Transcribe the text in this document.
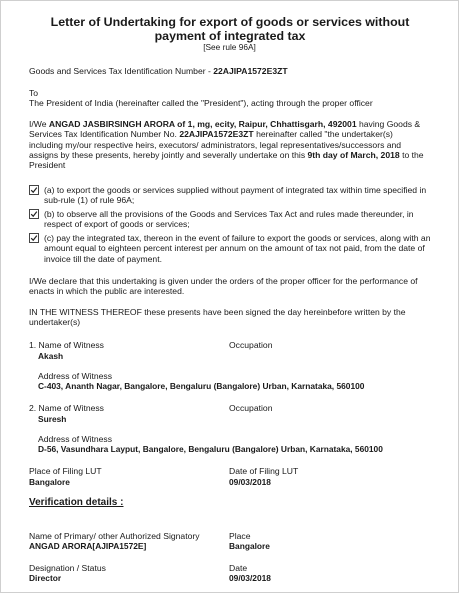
Letter of Undertaking for export of goods or services without payment of integrated tax
[See rule 96A]
Goods and Services Tax Identification Number - 22AJIPA1572E3ZT
To
The President of India (hereinafter called the "President"), acting through the proper officer
I/We ANGAD JASBIRSINGH ARORA of 1, mg, ecity, Raipur, Chhattisgarh, 492001 having Goods & Services Tax Identification Number No. 22AJIPA1572E3ZT hereinafter called "the undertaker(s) including my/our respective heirs, executors/ administrators, legal representatives/successors and assigns by these presents, hereby jointly and severally undertake on this 9th day of March, 2018 to the President
(a) to export the goods or services supplied without payment of integrated tax within time specified in sub-rule (1) of rule 96A;
(b) to observe all the provisions of the Goods and Services Tax Act and rules made thereunder, in respect of export of goods or services;
(c) pay the integrated tax, thereon in the event of failure to export the goods or services, along with an amount equal to eighteen percent interest per annum on the amount of tax not paid, from the date of invoice till the date of payment.
I/We declare that this undertaking is given under the orders of the proper officer for the performance of enacts in which the public are interested.
IN THE WITNESS THEREOF these presents have been signed the day hereinbefore written by the undertaker(s)
1. Name of Witness	Occupation
Akash
Address of Witness
C-403, Ananth Nagar, Bangalore, Bengaluru (Bangalore) Urban, Karnataka, 560100
2. Name of Witness	Occupation
Suresh
Address of Witness
D-56, Vasundhara Layput, Bangalore, Bengaluru (Bangalore) Urban, Karnataka, 560100
Place of Filing LUT
Bangalore
Date of Filing LUT
09/03/2018
Verification details :
Name of Primary/ other Authorized Signatory
ANGAD ARORA[AJIPA1572E]
Place
Bangalore
Designation / Status
Director
Date
09/03/2018
